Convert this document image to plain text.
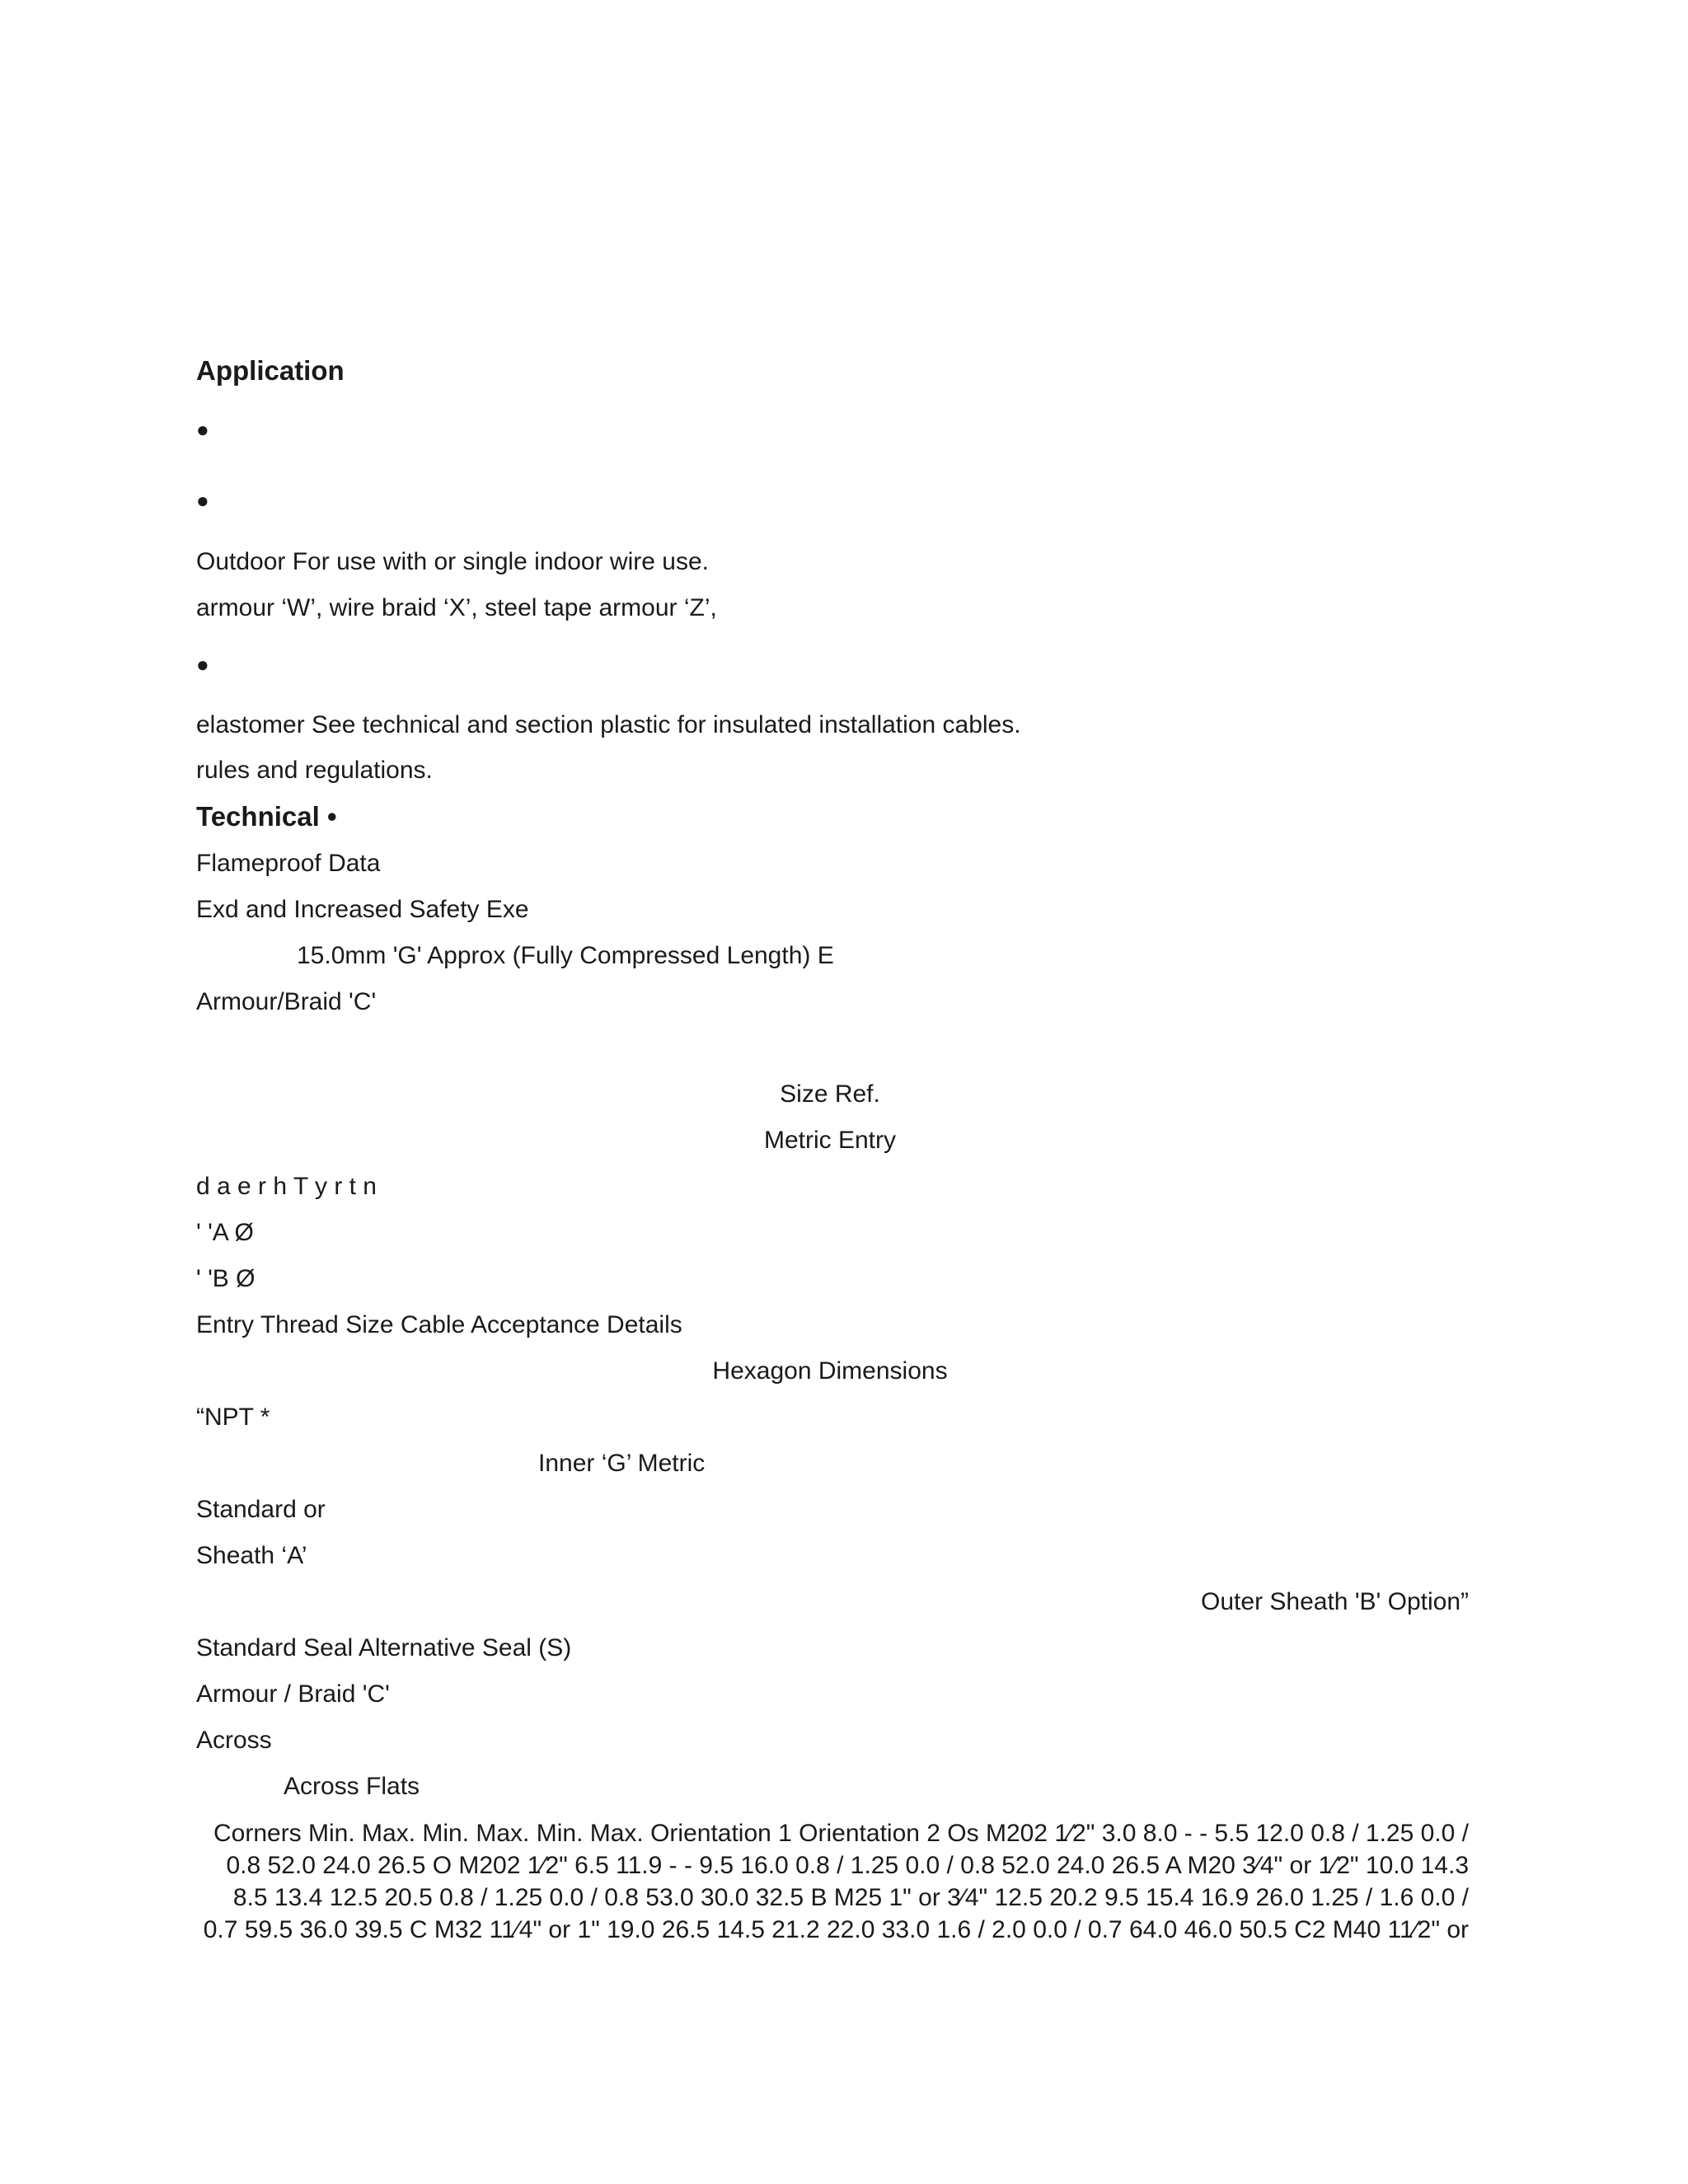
Application
●
●
Outdoor For use with or single indoor wire use.
armour ‘W’, wire braid ‘X’, steel tape armour ‘Z’,
●
elastomer See technical and section plastic for insulated installation cables.
rules and regulations.
Technical •
Flameproof Data
Exd and Increased Safety Exe
15.0mm 'G' Approx (Fully Compressed Length) E
Armour/Braid 'C'
Size Ref.
Metric Entry
d a e r h T y r t n
' 'A Ø
' 'B Ø
Entry Thread Size Cable Acceptance Details
Hexagon Dimensions
“NPT *
Inner ‘G’ Metric
Standard or
Sheath ‘A’
Outer Sheath 'B' Option”
Standard Seal Alternative Seal (S)
Armour / Braid 'C'
Across
Across Flats
Corners Min. Max. Min. Max. Min. Max. Orientation 1 Orientation 2 Os M202 1⁄2" 3.0 8.0 - - 5.5 12.0 0.8 / 1.25 0.0 / 0.8 52.0 24.0 26.5 O M202 1⁄2" 6.5 11.9 - - 9.5 16.0 0.8 / 1.25 0.0 / 0.8 52.0 24.0 26.5 A M20 3⁄4" or 1⁄2" 10.0 14.3 8.5 13.4 12.5 20.5 0.8 / 1.25 0.0 / 0.8 53.0 30.0 32.5 B M25 1" or 3⁄4" 12.5 20.2 9.5 15.4 16.9 26.0 1.25 / 1.6 0.0 / 0.7 59.5 36.0 39.5 C M32 11⁄4" or 1" 19.0 26.5 14.5 21.2 22.0 33.0 1.6 / 2.0 0.0 / 0.7 64.0 46.0 50.5 C2 M40 11⁄2" or
